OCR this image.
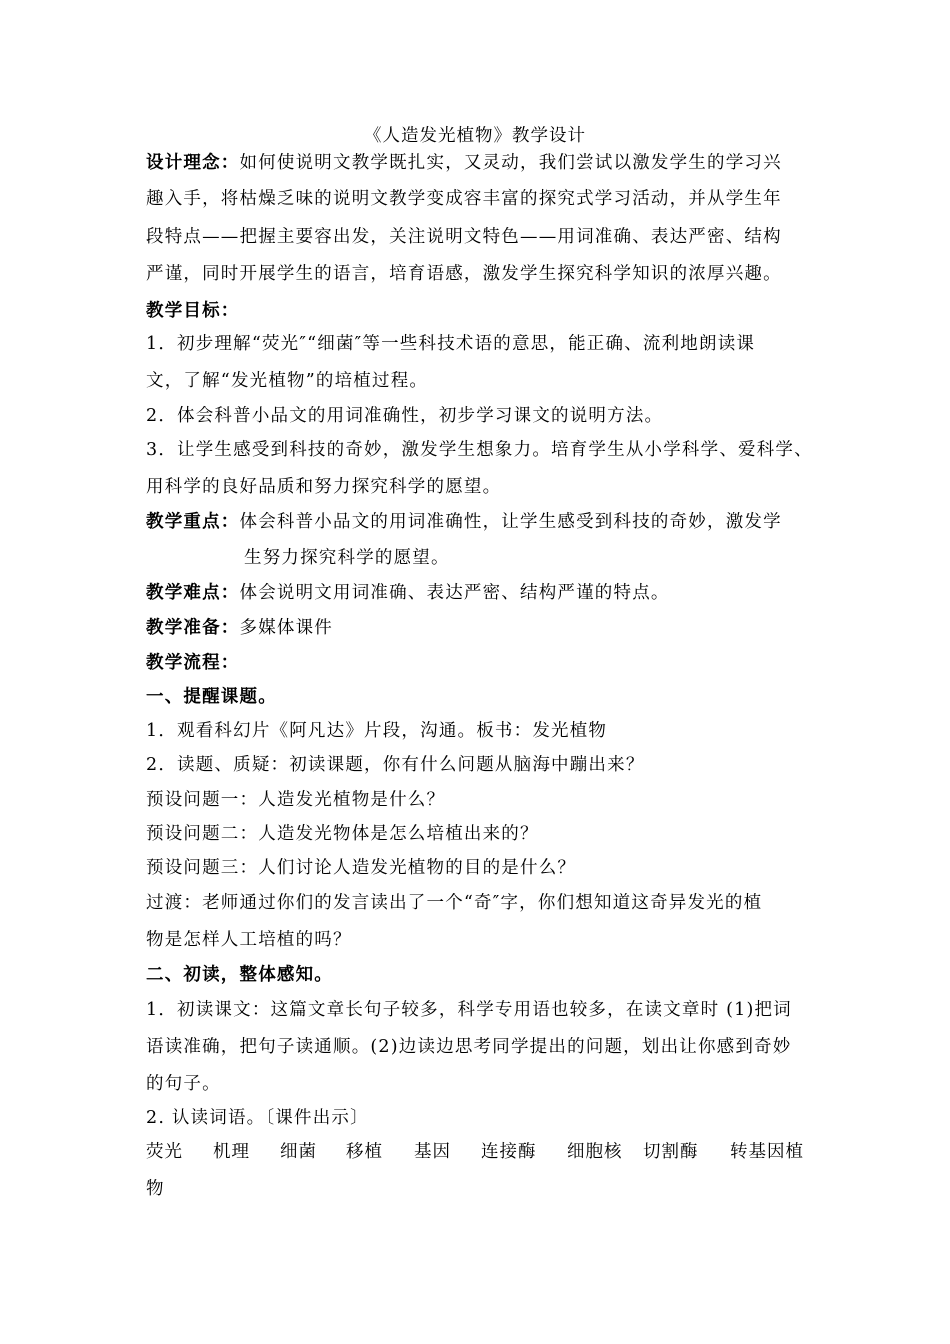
《人造发光植物》教学设计
设计理念：如何使说明文教学既扎实，又灵动，我们尝试以激发学生的学习兴
趣入手，将枯燥乏味的说明文教学变成容丰富的探究式学习活动，并从学生年
段特点——把握主要容出发，关注说明文特色——用词准确、表达严密、结构
严谨，同时开展学生的语言，培育语感，激发学生探究科学知识的浓厚兴趣。
教学目标：
1．初步理解“荧光″“细菌″等一些科技术语的意思，能正确、流利地朗读课
文，了解“发光植物”的培植过程。
2．体会科普小品文的用词准确性，初步学习课文的说明方法。
3．让学生感受到科技的奇妙，激发学生想象力。培育学生从小学科学、爱科学、
用科学的良好品质和努力探究科学的愿望。
教学重点：体会科普小品文的用词准确性，让学生感受到科技的奇妙，激发学
生努力探究科学的愿望。
教学难点：体会说明文用词准确、表达严密、结构严谨的特点。
教学准备：多媒体课件
教学流程：
一、提醒课题。
1．观看科幻片《阿凡达》片段，沟通。板书：发光植物
2．读题、质疑：初读课题，你有什么问题从脑海中蹦出来？
预设问题一：人造发光植物是什么？
预设问题二：人造发光物体是怎么培植出来的？
预设问题三：人们讨论人造发光植物的目的是什么？
过渡：老师通过你们的发言读出了一个“奇″字，你们想知道这奇异发光的植
物是怎样人工培植的吗？
二、初读，整体感知。
1．初读课文：这篇文章长句子较多，科学专用语也较多，在读文章时 (1)把词
语读准确，把句子读通顺。(2)边读边思考同学提出的问题，划出让你感到奇妙
的句子。
2. 认读词语。〔课件出示〕
荧光 机理 细菌 移植 基因 连接酶 细胞核 切割酶 转基因植
物
